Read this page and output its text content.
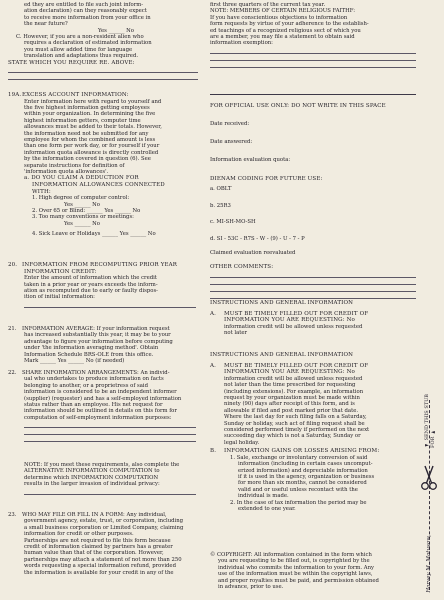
ed they are entitled to file such joint inform-
ation declaration) can they reasonably expect
to receive more information from your office in
the near future?
Yes ______ No
C. However, if you are a non-resident alien who
requires a declaration of estimated information
you must allow added time for language
translation and adaptations thus required.
STATE WHICH YOU REQUIRE RE. ABOVE:
19A.EXCESS ACCOUNT INFORMATION:
Enter information here with regard to yourself and
the five highest information getting employees
within your organization. In determining the five
highest information getters, computer time
allowances must be added to their totals. However,
the information need not be submitted for any
employee for whom the combined amount is less
than one form per work day, or for yourself if your
information quota allowance is directly controlled
by the information covered in question (6). See
separate instructions for definition of
'information quota allowances'.
a. DO YOU CLAIM A DEDUCTION FOR
INFORMATION ALLOWANCES CONNECTED
WITH:
1. High degree of computer control:
Yes ______ No
2. Over 65 or Blind: ______ Yes ______ No
3. Too many conventions or meetings:
Yes ______ No
4. Sick Leave or Holidays ______ Yes ______ No
20. INFORMATION FROM RECOMPUTING PRIOR YEAR
INFORMATION CREDIT:
Enter the amount of information which the credit
taken in a prior year or years exceeds the inform-
ation as recomputed due to early or faulty dispos-
ition of initial information:
21. INFORMATION AVERAGE: If your information request
has increased substantially this year, it may be to your
advantage to figure your information before computing
under 'the information averaging method'. Obtain
Information Schedule BRS-OLE from this office.
Mark ______ Yes ______ No (if needed)
22. SHARE INFORMATION ARRANGEMENTS: An individ-
ual who undertakes to produce information on facts
belonging to another, or a proprietress of said
information is considered to be an independent informer
(supplier) (requester) and has a self-employed information
status rather than an employee. His net request for
information should be outlined in details on this form for
computation of self-employment information purposes:
NOTE: If you meet these requirements, also complete the
ALTERNATIVE INFORMATION COMPUTATION to
determine which INFORMATION COMPUTATION
results in the larger invasion of individual privacy:
23. WHO MAY FILE OR FILL IN A FORM: Any individual,
government agency, estate, trust, or corporation, including
a small business corporation or Limited Company, claiming
information for credit or other purposes.
Partnerships are not required to file this form because
credit of information claimed by partners has a greater
human value than that of the corporation. However,
partnerships may attach a statement of not more than 250
words requesting a special information refund, provided
the information is available for your credit in any of the
first three quarters of the current tax year.
NOTE: MEMBERS OF CERTAIN RELIGIOUS FAITHF:
If you have conscientious objections to information
form requests by virtue of your adherence to the establish-
ed teachings of a recognized religious sect of which you
are a member, you may file a statement to obtain said
information exemption:
FOR OFFICIAL USE ONLY: DO NOT WRITE IN THIS SPACE
Date received:
Date answered:
Information evaluation quota:
DIENAM CODING FOR FUTURE USE:
a. OBLT
b. 25R3
c. MI-SH-MO-SH
d. SI - 53C - R7S - W - (9) - U - 7 - P
Claimed evaluation reevaluated
OTHER COMMENTS:
INSTRUCTIONS AND GENERAL INFORMATION
A. MUST BE TIMELY FILLED OUT FOR CREDIT OF
INFORMATION YOU ARE REQUESTING: No
information credit will be allowed unless requested
not later
INSTRUCTIONS AND GENERAL INFORMATION
A. MUST BE TIMELY FILLED OUT FOR CREDIT OF
INFORMATION YOU ARE REQUESTING: No
information credit will be allowed unless requested
not later than the time prescribed for requesting
(including extensions). For example, an information
request by your organization must be made within
ninety (90) days after receipt of this form, and is
allowable if filed and post marked prior that date.
Where the last day for such filing falls on a Saturday,
Sunday or holiday, such act of filing request shall be
considered performed timely if performed on the next
succeeding day which is not a Saturday, Sunday or
legal holiday.
B. INFORMATION GAINS OR LOSSES ARISING FROM:
1. Sale, exchange or involuntary conversion of said
information (including in certain cases uncomput-
erized information) and depreciable information
if it is used in the agency, organization or business
for more than six months, cannot be considered
valid and or useful unless recontact with the
individual is made.
2. In the case of tax information the period may be
extended to one year.
© COPYRIGHT: All information contained in the form which
you are requesting to be filled out, is copyrighted by the
individual who commits the information to your form. Any
use of the information must be within the copyright laws,
and proper royalties must be paid, and permission obtained
in advance, prior to use.
◄ SEND THIS STUB FOR ►
Harvey M. Matusow,
